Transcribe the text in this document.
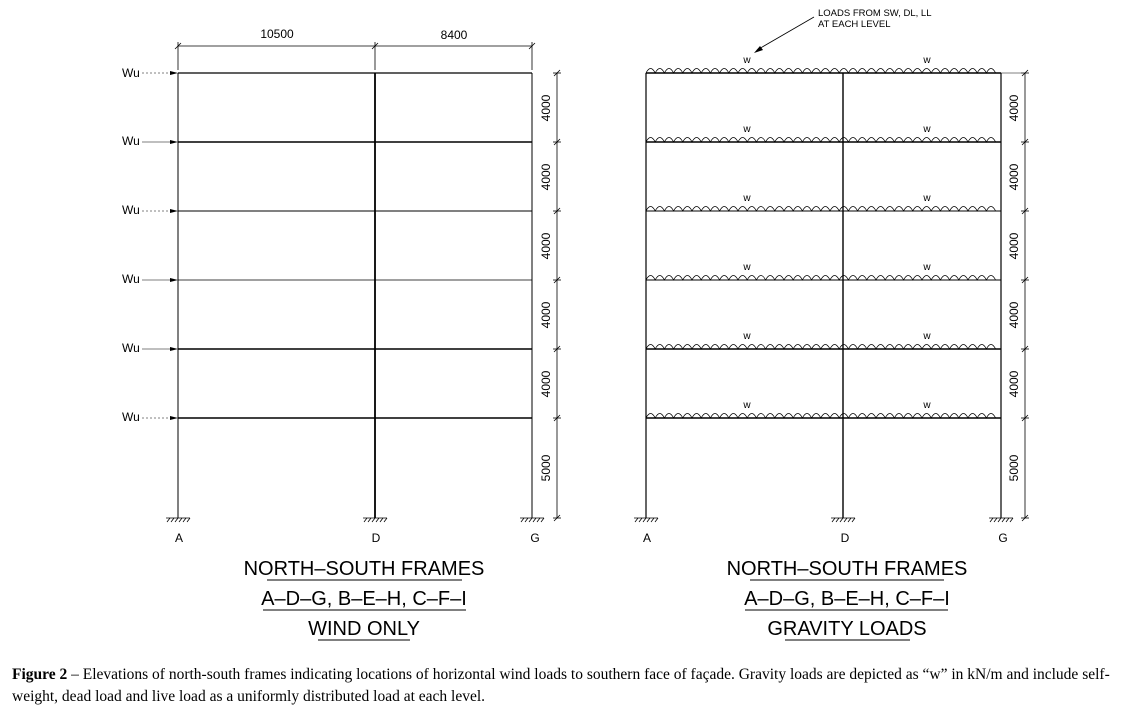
10500	8400
A	D	G
Wu
Wu
Wu
Wu
Wu
Wu
4000
4000
4000
4000
4000
5000
NORTH–SOUTH FRAMES
A–D–G, B–E–H, C–F–I
WIND ONLY
A	D	G
w	w
w	w
w	w
w	w
w	w
w	w
LOADS FROM SW, DL, LL
AT EACH LEVEL
4000
4000
4000
4000
4000
5000
NORTH–SOUTH FRAMES
A–D–G, B–E–H, C–F–I
GRAVITY LOADS
Figure 2 – Elevations of north-south frames indicating locations of horizontal wind loads to southern face of façade. Gravity loads are depicted as “w” in kN/m and include self-weight, dead load and live load as a uniformly distributed load at each level.
